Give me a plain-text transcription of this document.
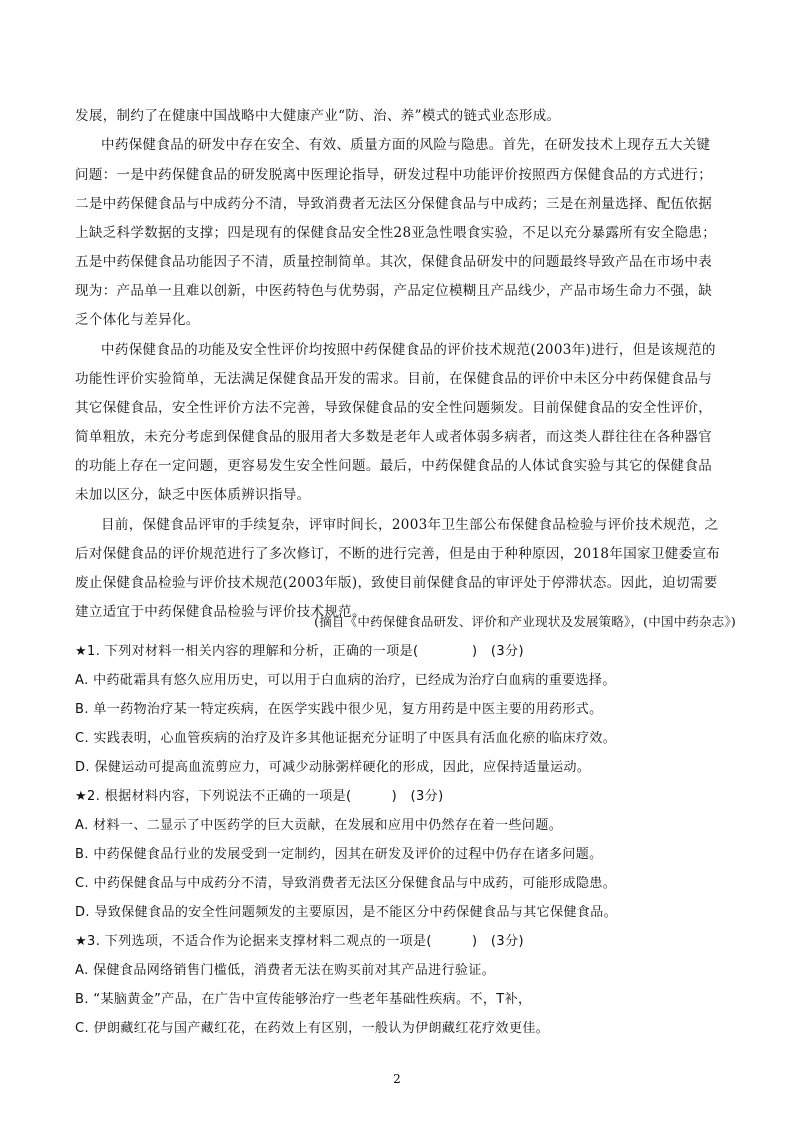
发展，制约了在健康中国战略中大健康产业“防、治、养”模式的链式业态形成。
中药保健食品的研发中存在安全、有效、质量方面的风险与隐患。首先，在研发技术上现存五大关键
问题：一是中药保健食品的研发脱离中医理论指导，研发过程中功能评价按照西方保健食品的方式进行；
二是中药保健食品与中成药分不清，导致消费者无法区分保健食品与中成药；三是在剂量选择、配伍依据
上缺乏科学数据的支撑；四是现有的保健食品安全性28亚急性喂食实验，不足以充分暴露所有安全隐患；
五是中药保健食品功能因子不清，质量控制简单。其次，保健食品研发中的问题最终导致产品在市场中表
现为：产品单一且难以创新，中医药特色与优势弱，产品定位模糊且产品线少，产品市场生命力不强，缺
乏个体化与差异化。
中药保健食品的功能及安全性评价均按照中药保健食品的评价技术规范(2003年)进行，但是该规范的
功能性评价实验简单，无法满足保健食品开发的需求。目前，在保健食品的评价中未区分中药保健食品与
其它保健食品，安全性评价方法不完善，导致保健食品的安全性问题频发。目前保健食品的安全性评价，
简单粗放，未充分考虑到保健食品的服用者大多数是老年人或者体弱多病者，而这类人群往往在各种器官
的功能上存在一定问题，更容易发生安全性问题。最后，中药保健食品的人体试食实验与其它的保健食品
未加以区分，缺乏中医体质辨识指导。
目前，保健食品评审的手续复杂，评审时间长，2003年卫生部公布保健食品检验与评价技术规范，之
后对保健食品的评价规范进行了多次修订，不断的进行完善，但是由于种种原因，2018年国家卫健委宣布
废止保健食品检验与评价技术规范(2003年版)，致使目前保健食品的审评处于停滞状态。因此，迫切需要
建立适宜于中药保健食品检验与评价技术规范。
(摘自《中药保健食品研发、评价和产业现状及发展策略》，(中国中药杂志》)
★1. 下列对材料一相关内容的理解和分析，正确的一项是(　　　　)　(3分)
A. 中药砒霜具有悠久应用历史，可以用于白血病的治疗，已经成为治疗白血病的重要选择。
B. 单一药物治疗某一特定疾病，在医学实践中很少见，复方用药是中医主要的用药形式。
C. 实践表明，心血管疾病的治疗及许多其他证据充分证明了中医具有活血化瘀的临床疗效。
D. 保健运动可提高血流剪应力，可减少动脉粥样硬化的形成，因此，应保持适量运动。
★2. 根据材料内容，下列说法不正确的一项是(　　　)　(3分)
A. 材料一、二显示了中医药学的巨大贡献，在发展和应用中仍然存在着一些问题。
B. 中药保健食品行业的发展受到一定制约，因其在研发及评价的过程中仍存在诸多问题。
C. 中药保健食品与中成药分不清，导致消费者无法区分保健食品与中成药，可能形成隐患。
D. 导致保健食品的安全性问题频发的主要原因，是不能区分中药保健食品与其它保健食品。
★3. 下列选项，不适合作为论据来支撑材料二观点的一项是(　　　)　(3分)
A. 保健食品网络销售门槛低，消费者无法在购买前对其产品进行验证。
B. “某脑黄金”产品，在广告中宣传能够治疗一些老年基础性疾病。不，T补，
C. 伊朗藏红花与国产藏红花，在药效上有区别，一般认为伊朗藏红花疗效更佳。
2
